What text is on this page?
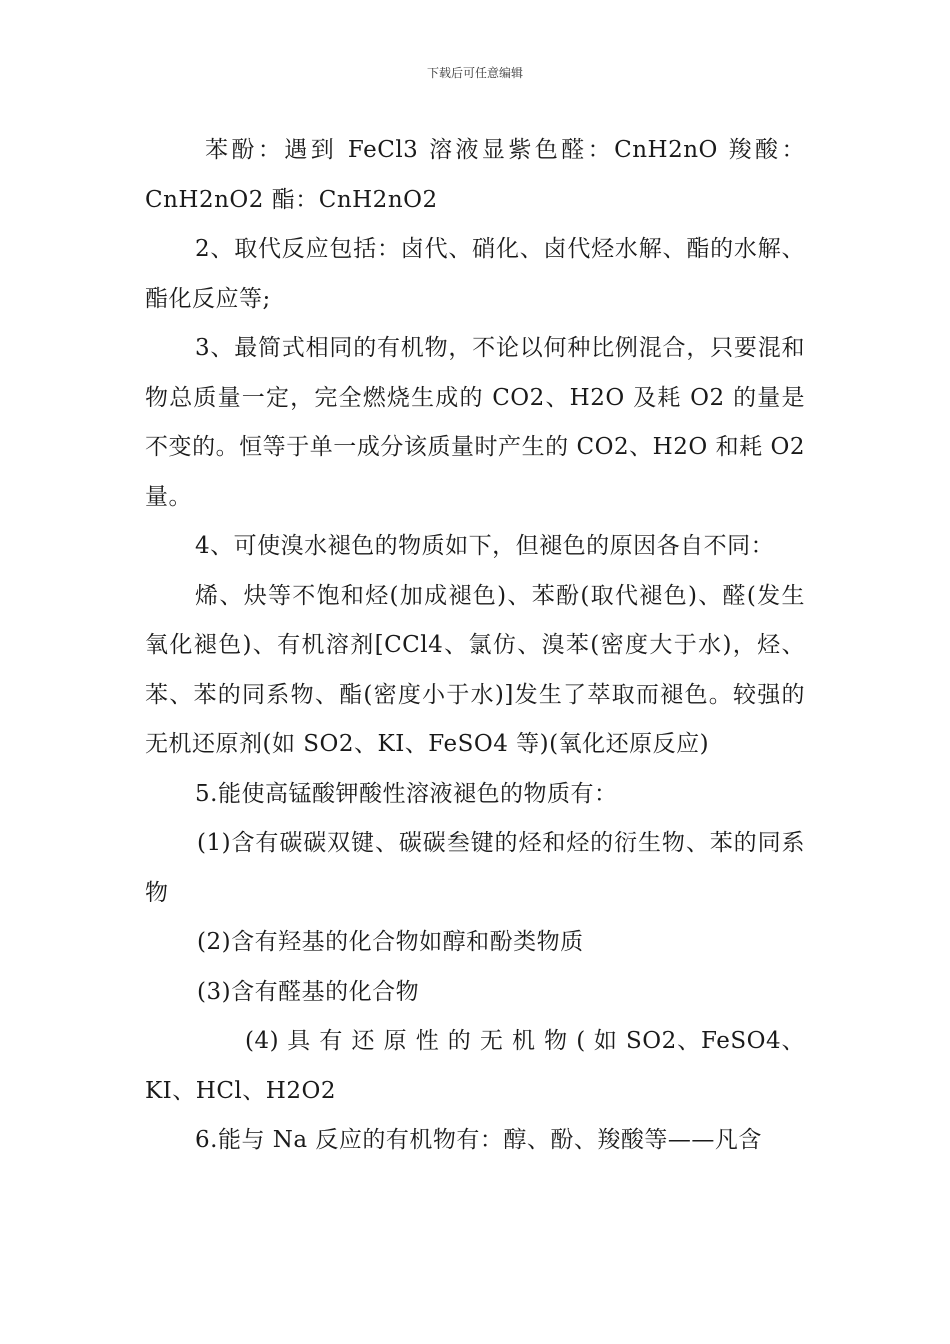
下载后可任意编辑

苯酚：遇到 FeCl3 溶液显紫色醛：CnH2nO 羧酸：CnH2nO2 酯：CnH2nO2

2、取代反应包括：卤代、硝化、卤代烃水解、酯的水解、酯化反应等;

3、最简式相同的有机物，不论以何种比例混合，只要混和物总质量一定，完全燃烧生成的 CO2、H2O 及耗 O2 的量是不变的。恒等于单一成分该质量时产生的 CO2、H2O 和耗 O2 量。

4、可使溴水褪色的物质如下，但褪色的原因各自不同：

烯、炔等不饱和烃(加成褪色)、苯酚(取代褪色)、醛(发生氧化褪色)、有机溶剂[CCl4、氯仿、溴苯(密度大于水)，烃、苯、苯的同系物、酯(密度小于水)]发生了萃取而褪色。较强的无机还原剂(如 SO2、KI、FeSO4 等)(氧化还原反应)

5.能使高锰酸钾酸性溶液褪色的物质有：

(1)含有碳碳双键、碳碳叁键的烃和烃的衍生物、苯的同系物

(2)含有羟基的化合物如醇和酚类物质

(3)含有醛基的化合物

(4) 具 有 还 原 性 的 无 机 物 ( 如 SO2、FeSO4、KI、HCl、H2O2

6.能与 Na 反应的有机物有：醇、酚、羧酸等——凡含
